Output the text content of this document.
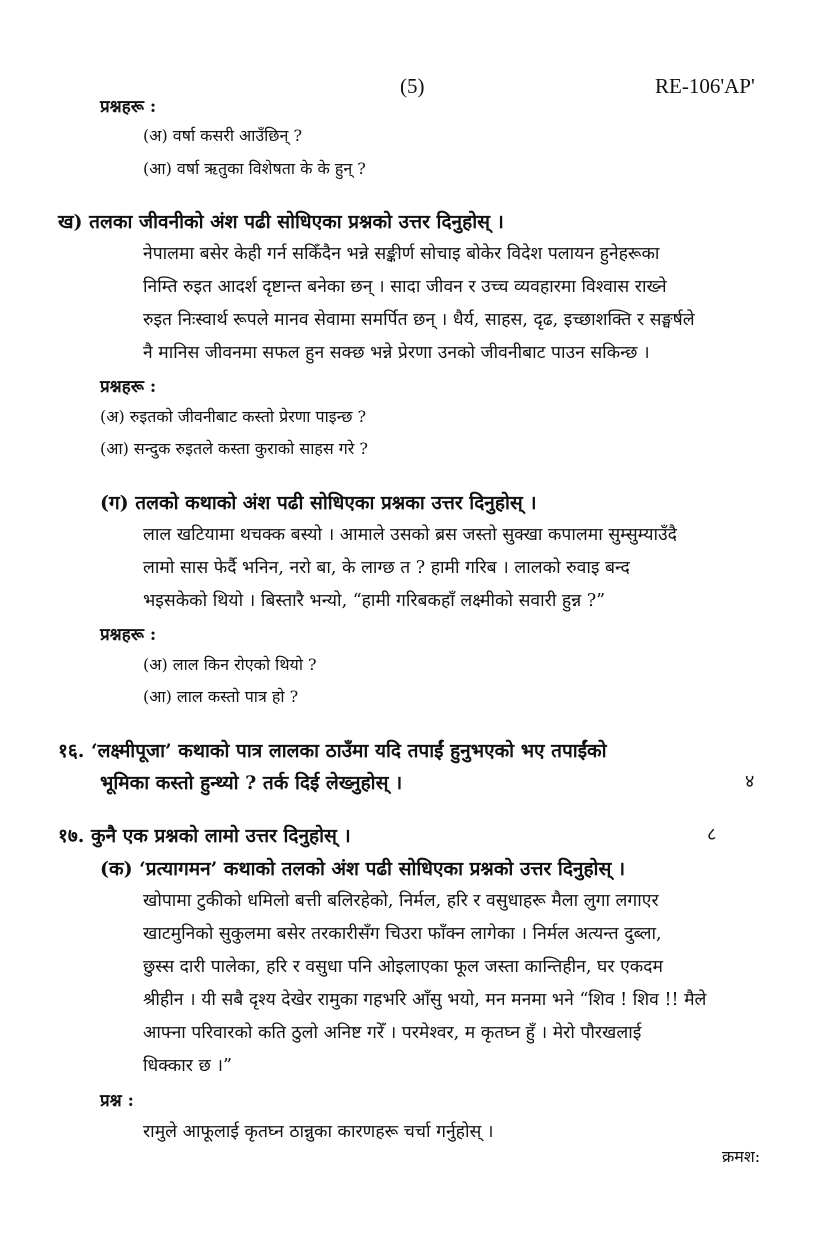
(5)	RE-106'AP'
प्रश्नहरू :
(अ) वर्षा कसरी आउँछिन् ?
(आ) वर्षा ऋतुका विशेषता के के हुन् ?
ख) तलका जीवनीको अंश पढी सोधिएका प्रश्नको उत्तर दिनुहोस् ।
नेपालमा बसेर केही गर्न सकिँदैन भन्ने सङ्कीर्ण सोचाइ बोकेर विदेश पलायन हुनेहरूका
निम्ति रुइत आदर्श दृष्टान्त बनेका छन् । सादा जीवन र उच्च व्यवहारमा विश्वास राख्ने
रुइत निःस्वार्थ रूपले मानव सेवामा समर्पित छन् । धैर्य, साहस, दृढ, इच्छाशक्ति र सङ्घर्षले
नै मानिस जीवनमा सफल हुन सक्छ भन्ने प्रेरणा उनको जीवनीबाट पाउन सकिन्छ ।
प्रश्नहरू :
(अ) रुइतको जीवनीबाट कस्तो प्रेरणा पाइन्छ ?
(आ) सन्दुक रुइतले कस्ता कुराको साहस गरे ?
(ग) तलको कथाको अंश पढी सोधिएका प्रश्नका उत्तर दिनुहोस् ।
लाल खटियामा थचक्क बस्यो । आमाले उसको ब्रस जस्तो सुक्खा कपालमा सुम्सुम्याउँदै
लामो सास फेर्दै भनिन, नरो बा, के लाग्छ त ? हामी गरिब । लालको रुवाइ बन्द
भइसकेको थियो । बिस्तारै भन्यो, “हामी गरिबकहाँ लक्ष्मीको सवारी हुन्न ?”
प्रश्नहरू :
(अ) लाल किन रोएको थियो ?
(आ) लाल कस्तो पात्र हो ?
१६. ‘लक्ष्मीपूजा’ कथाको पात्र लालका ठाउँमा यदि तपाईं हुनुभएको भए तपाईंको
भूमिका कस्तो हुन्थ्यो ? तर्क दिई लेख्नुहोस् ।	४
१७. कुनै एक प्रश्नको लामो उत्तर दिनुहोस् ।	८
(क) ‘प्रत्यागमन’ कथाको तलको अंश पढी सोधिएका प्रश्नको उत्तर दिनुहोस् ।
खोपामा टुकीको धमिलो बत्ती बलिरहेको, निर्मल, हरि र वसुधाहरू मैला लुगा लगाएर
खाटमुनिको सुकुलमा बसेर तरकारीसँग चिउरा फाँक्न लागेका । निर्मल अत्यन्त दुब्ला,
छुस्स दारी पालेका, हरि र वसुधा पनि ओइलाएका फूल जस्ता कान्तिहीन, घर एकदम
श्रीहीन । यी सबै दृश्य देखेर रामुका गहभरि आँसु भयो, मन मनमा भने “शिव ! शिव !! मैले
आफ्ना परिवारको कति ठुलो अनिष्ट गरेँ । परमेश्वर, म कृतघ्न हुँ । मेरो पौरखलाई
धिक्कार छ ।”
प्रश्न :
रामुले आफूलाई कृतघ्न ठान्नुका कारणहरू चर्चा गर्नुहोस् ।
क्रमश:
